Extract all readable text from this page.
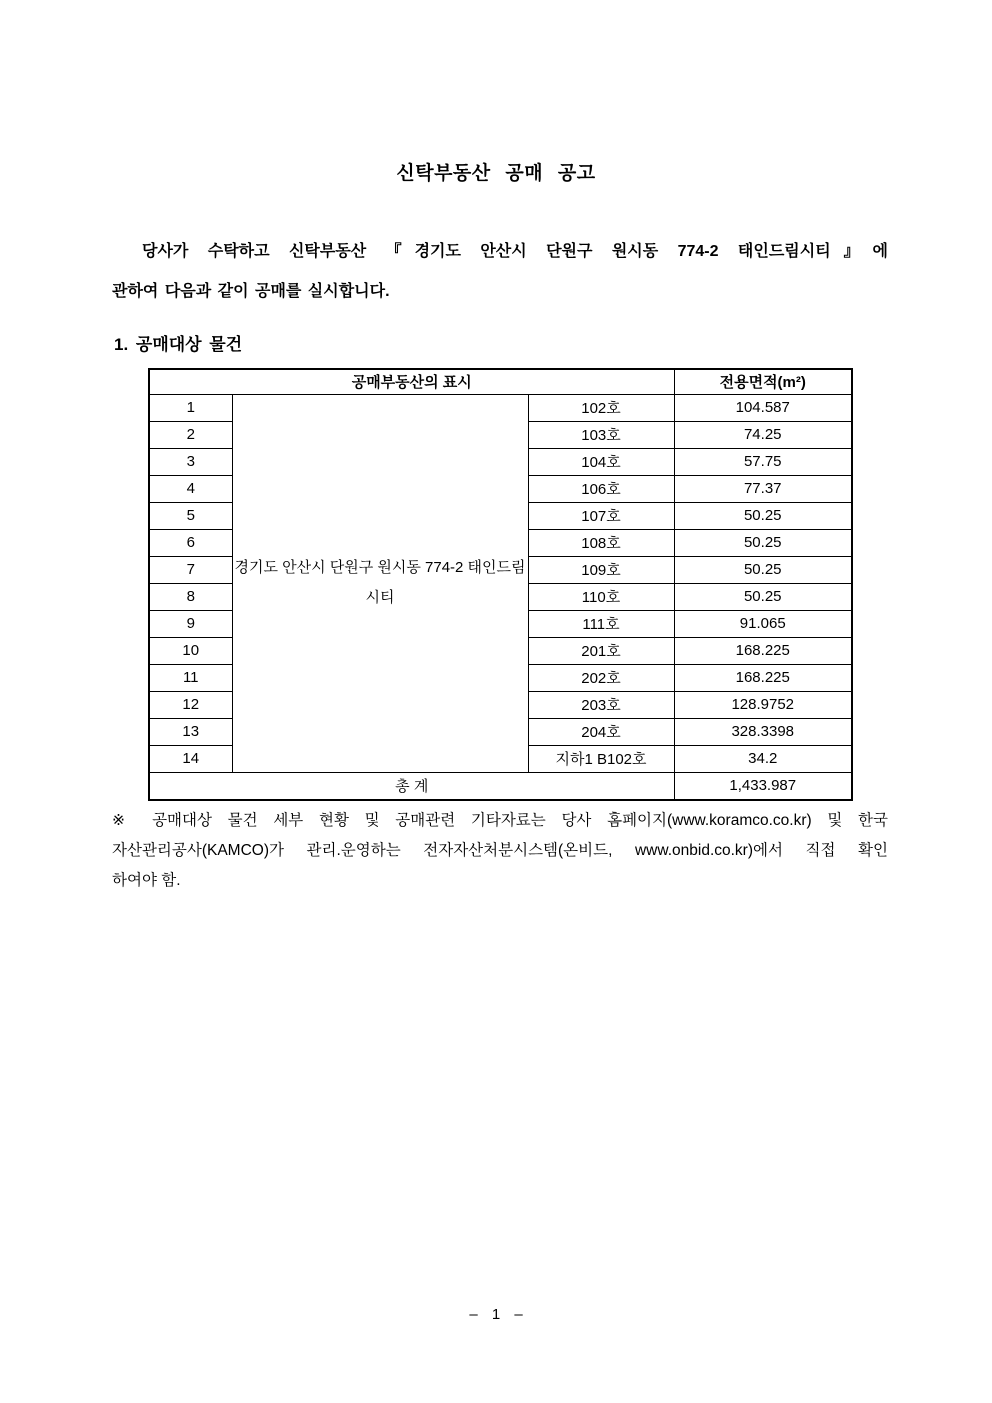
신탁부동산 공매 공고
당사가 수탁하고 신탁부동산 『경기도 안산시 단원구 원시동 774-2 태인드림시티』에
관하여 다음과 같이 공매를 실시합니다.
1. 공매대상 물건
공매부동산의 표시			전용면적(m²)
1	경기도 안산시 단원구 원시동 774-2 태인드림시티	102호	104.587
2		103호	74.25
3		104호	57.75
4		106호	77.37
5		107호	50.25
6		108호	50.25
7		109호	50.25
8		110호	50.25
9		111호	91.065
10		201호	168.225
11		202호	168.225
12		203호	128.9752
13		204호	328.3398
14		지하1 B102호	34.2
총 계			1,433.987
※ 공매대상 물건 세부 현황 및 공매관련 기타자료는 당사 홈페이지(www.koramco.co.kr) 및 한국
자산관리공사(KAMCO)가 관리.운영하는 전자자산처분시스템(온비드, www.onbid.co.kr)에서 직접 확인
하여야 함.
– 1 –
